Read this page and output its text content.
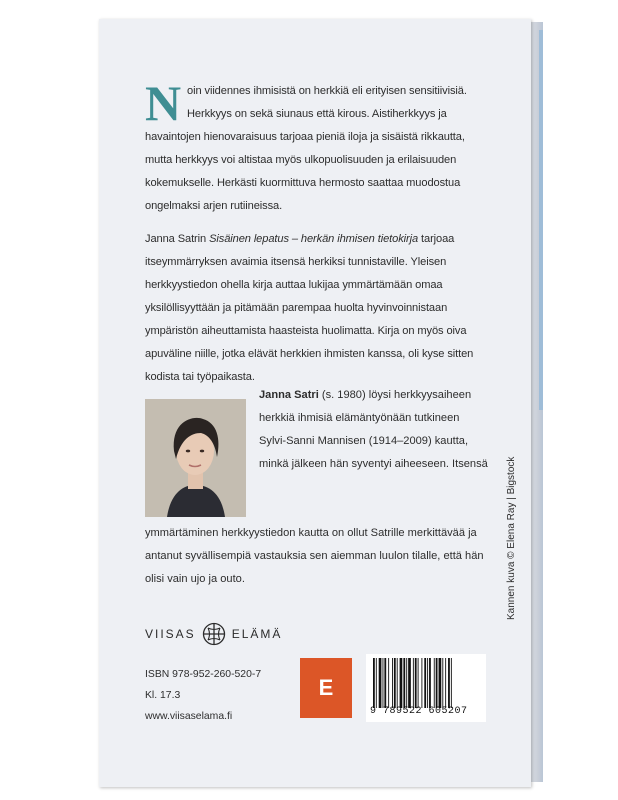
Noin viidennes ihmisistä on herkkiä eli erityisen sensitiivisiä. Herkkyys on sekä siunaus että kirous. Aistiherkkyys ja havaintojen hienovaraisuus tarjoaa pieniä iloja ja sisäistä rikkautta, mutta herkkyys voi altistaa myös ulkopuolisuuden ja erilaisuuden kokemukselle. Herkästi kuormittuva hermosto saattaa muodostua ongelmaksi arjen rutiineissa.
Janna Satrin Sisäinen lepatus – herkän ihmisen tietokirja tarjoaa itseymmärryksen avaimia itsensä herkiksi tunnistaville. Yleisen herkkyystiedon ohella kirja auttaa lukijaa ymmärtämään omaa yksilöllisyyttään ja pitämään parempaa huolta hyvinvoinnistaan ympäristön aiheuttamista haasteista huolimatta. Kirja on myös oiva apuväline niille, jotka elävät herkkien ihmisten kanssa, oli kyse sitten kodista tai työpaikasta.
Janna Satri (s. 1980) löysi herkkyysaiheen herkkiä ihmisiä elämäntyönään tutkineen Sylvi-Sanni Mannisen (1914–2009) kautta, minkä jälkeen hän syventyi aiheeseen. Itsensä
ymmärtäminen herkkyystiedon kautta on ollut Satrille merkittävää ja antanut syvällisempiä vastauksia sen aiemman luulon tilalle, että hän olisi vain ujo ja outo.
VIISAS	ELÄMÄ
ISBN 978-952-260-520-7
Kl. 17.3
www.viisaselama.fi
E
9 789522 605207
Kannen kuva © Elena Ray | Bigstock
